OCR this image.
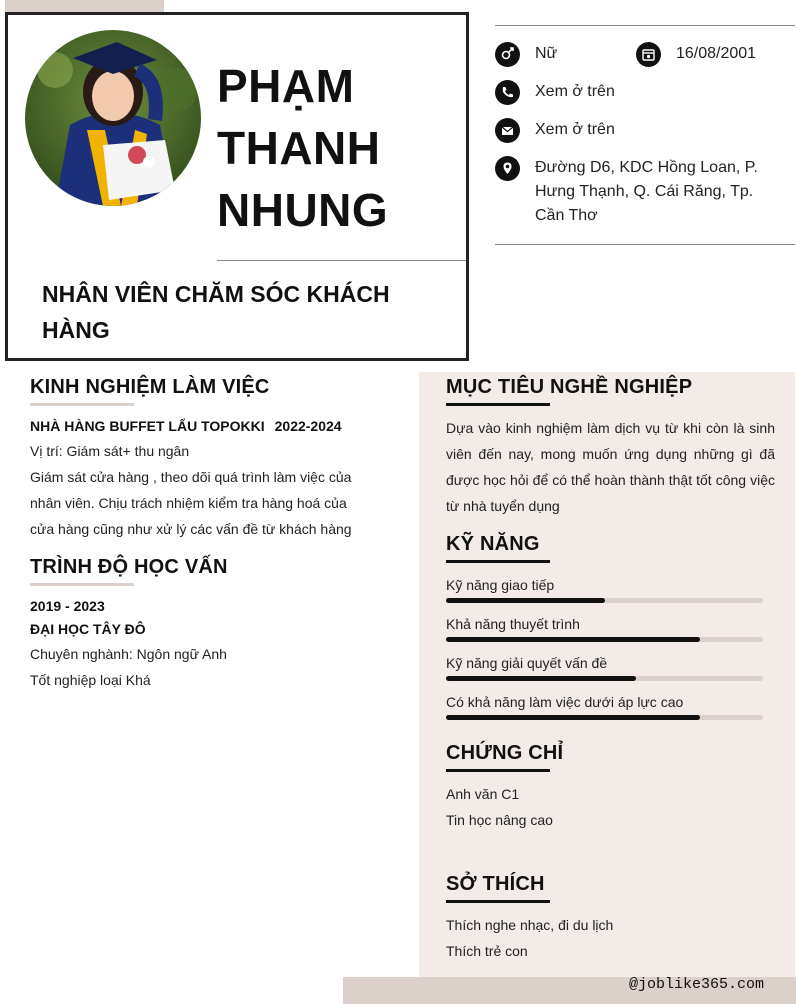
PHẠM
THANH
NHUNG
NHÂN VIÊN CHĂM SÓC KHÁCH HÀNG
Nữ	16/08/2001
Xem ở trên
Xem ở trên
Đường D6, KDC Hồng Loan, P. Hưng Thạnh, Q. Cái Răng, Tp. Cần Thơ
KINH NGHIỆM LÀM VIỆC
NHÀ HÀNG BUFFET LẨU TOPOKKI 2022-2024
Vị trí: Giám sát+ thu ngân
Giám sát cửa hàng , theo dõi quá trình làm việc của nhân viên. Chịu trách nhiệm kiểm tra hàng hoá của cửa hàng cũng như xử lý các vấn đề từ khách hàng
TRÌNH ĐỘ HỌC VẤN
2019 - 2023
ĐẠI HỌC TÂY ĐÔ
Chuyên nghành: Ngôn ngữ Anh
Tốt nghiệp loại Khá
MỤC TIÊU NGHỀ NGHIỆP
Dựa vào kinh nghiệm làm dịch vụ từ khi còn là sinh viên đến nay, mong muốn ứng dụng những gì đã được học hỏi để có thể hoàn thành thật tốt công việc từ nhà tuyển dụng
KỸ NĂNG
Kỹ năng giao tiếp
Khả năng thuyết trình
Kỹ năng giải quyết vấn đề
Có khả năng làm việc dưới áp lực cao
CHỨNG CHỈ
Anh văn C1
Tin học nâng cao
SỞ THÍCH
Thích nghe nhạc, đi du lịch
Thích trẻ con
@joblike365.com
